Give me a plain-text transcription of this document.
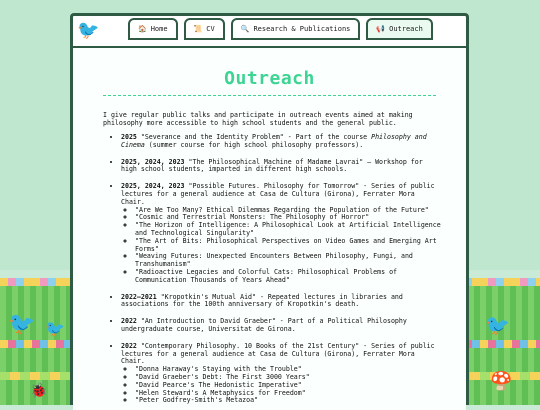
🐦 🐦	🐦
🍄
🐞
🐦	🏠 Home	📜 CV	🔍 Research & Publications	📢 Outreach
Outreach

I give regular public talks and participate in outreach events aimed at making philosophy more accessible to high school students and the general public.

• 2025 "Severance and the Identity Problem" - Part of the course Philosophy and Cinema (summer course for high school philosophy professors).
• 2025, 2024, 2023 "The Philosophical Machine of Madame Lavrai" – Workshop for high school students, imparted in different high schools.
• 2025, 2024, 2023 "Possible Futures. Philosophy for Tomorrow" - Series of public lectures for a general audience at Casa de Cultura (Girona), Ferrater Mora Chair.
◦ "Are We Too Many? Ethical Dilemmas Regarding the Population of the Future"
◦ "Cosmic and Terrestrial Monsters: The Philosophy of Horror"
◦ "The Horizon of Intelligence: A Philosophical Look at Artificial Intelligence and Technological Singularity"
◦ "The Art of Bits: Philosophical Perspectives on Video Games and Emerging Art Forms"
◦ "Weaving Futures: Unexpected Encounters Between Philosophy, Fungi, and Transhumanism"
◦ "Radioactive Legacies and Colorful Cats: Philosophical Problems of Communication Thousands of Years Ahead"
• 2022–2021 "Kropotkin's Mutual Aid" - Repeated lectures in libraries and associations for the 100th anniversary of Kropotkin's death.
• 2022 "An Introduction to David Graeber" - Part of a Political Philosophy undergraduate course, Universitat de Girona.
• 2022 "Contemporary Philosophy. 10 Books of the 21st Century" - Series of public lectures for a general audience at Casa de Cultura (Girona), Ferrater Mora Chair.
◦ "Donna Haraway's Staying with the Trouble"
◦ "David Graeber's Debt: The First 3000 Years"
◦ "David Pearce's The Hedonistic Imperative"
◦ "Helen Steward's A Metaphysics for Freedom"
◦ "Peter Godfrey-Smith's Metazoa"
